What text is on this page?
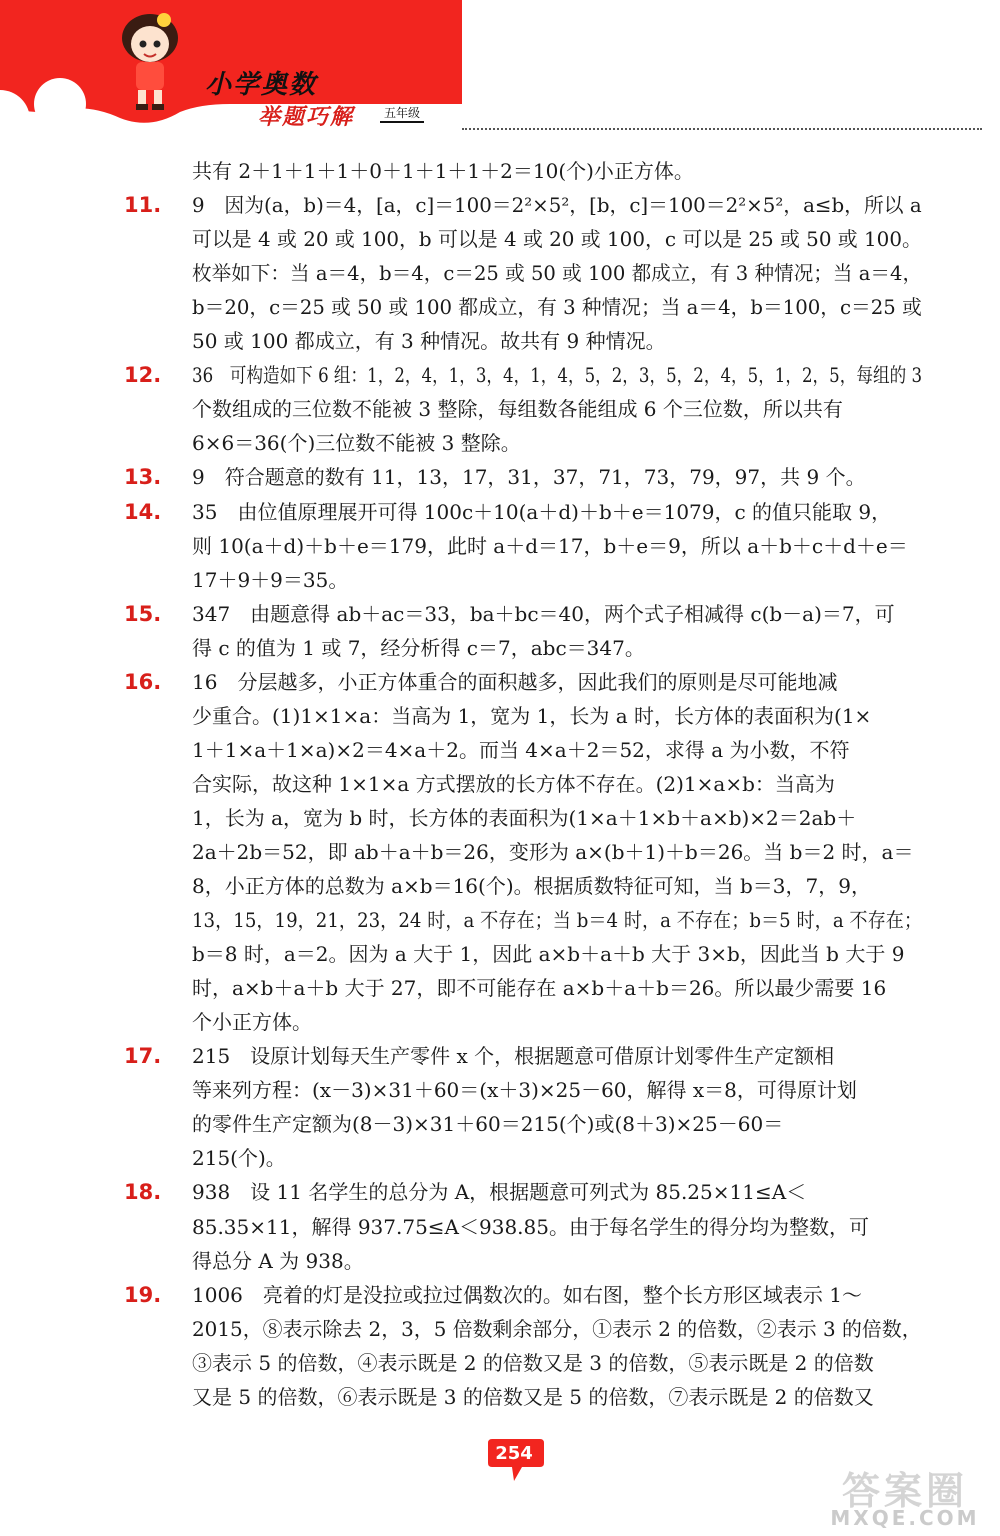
小学奥数
举题巧解	五年级
共有 2＋1＋1＋1＋0＋1＋1＋1＋2＝10(个)小正方体。
11.	9　因为(a，b)＝4，[a，c]＝100＝2²×5²，[b，c]＝100＝2²×5²，a≤b，所以 a
可以是 4 或 20 或 100，b 可以是 4 或 20 或 100，c 可以是 25 或 50 或 100。
枚举如下：当 a＝4，b＝4，c＝25 或 50 或 100 都成立，有 3 种情况；当 a＝4，
b＝20，c＝25 或 50 或 100 都成立，有 3 种情况；当 a＝4，b＝100，c＝25 或
50 或 100 都成立，有 3 种情况。故共有 9 种情况。
12.	36　可构造如下 6 组：1，2，4，1，3，4，1，4，5，2，3，5，2，4，5，1，2，5，每组的 3
个数组成的三位数不能被 3 整除，每组数各能组成 6 个三位数，所以共有
6×6＝36(个)三位数不能被 3 整除。
13.	9　符合题意的数有 11，13，17，31，37，71，73，79，97，共 9 个。
14.	35　由位值原理展开可得 100c＋10(a＋d)＋b＋e＝1079，c 的值只能取 9，
则 10(a＋d)＋b＋e＝179，此时 a＋d＝17，b＋e＝9，所以 a＋b＋c＋d＋e＝
17＋9＋9＝35。
15.	347　由题意得 ab＋ac＝33，ba＋bc＝40，两个式子相减得 c(b－a)＝7，可
得 c 的值为 1 或 7，经分析得 c＝7，abc＝347。
16.	16　分层越多，小正方体重合的面积越多，因此我们的原则是尽可能地减
少重合。(1)1×1×a：当高为 1，宽为 1，长为 a 时，长方体的表面积为(1×
1＋1×a＋1×a)×2＝4×a＋2。而当 4×a＋2＝52，求得 a 为小数，不符
合实际，故这种 1×1×a 方式摆放的长方体不存在。(2)1×a×b：当高为
1，长为 a，宽为 b 时，长方体的表面积为(1×a＋1×b＋a×b)×2＝2ab＋
2a＋2b＝52，即 ab＋a＋b＝26，变形为 a×(b＋1)＋b＝26。当 b＝2 时，a＝
8，小正方体的总数为 a×b＝16(个)。根据质数特征可知，当 b＝3，7，9，
13，15，19，21，23，24 时，a 不存在；当 b＝4 时，a 不存在；b＝5 时，a 不存在；
b＝8 时，a＝2。因为 a 大于 1，因此 a×b＋a＋b 大于 3×b，因此当 b 大于 9
时，a×b＋a＋b 大于 27，即不可能存在 a×b＋a＋b＝26。所以最少需要 16
个小正方体。
17.	215　设原计划每天生产零件 x 个，根据题意可借原计划零件生产定额相
等来列方程：(x－3)×31＋60＝(x＋3)×25－60，解得 x＝8，可得原计划
的零件生产定额为(8－3)×31＋60＝215(个)或(8＋3)×25－60＝
215(个)。
18.	938　设 11 名学生的总分为 A，根据题意可列式为 85.25×11≤A＜
85.35×11，解得 937.75≤A＜938.85。由于每名学生的得分均为整数，可
得总分 A 为 938。
19.	1006　亮着的灯是没拉或拉过偶数次的。如右图，整个长方形区域表示 1～
2015，⑧表示除去 2，3，5 倍数剩余部分，①表示 2 的倍数，②表示 3 的倍数，
③表示 5 的倍数，④表示既是 2 的倍数又是 3 的倍数，⑤表示既是 2 的倍数
又是 5 的倍数，⑥表示既是 3 的倍数又是 5 的倍数，⑦表示既是 2 的倍数又
254
答案圈
MXQE.COM
